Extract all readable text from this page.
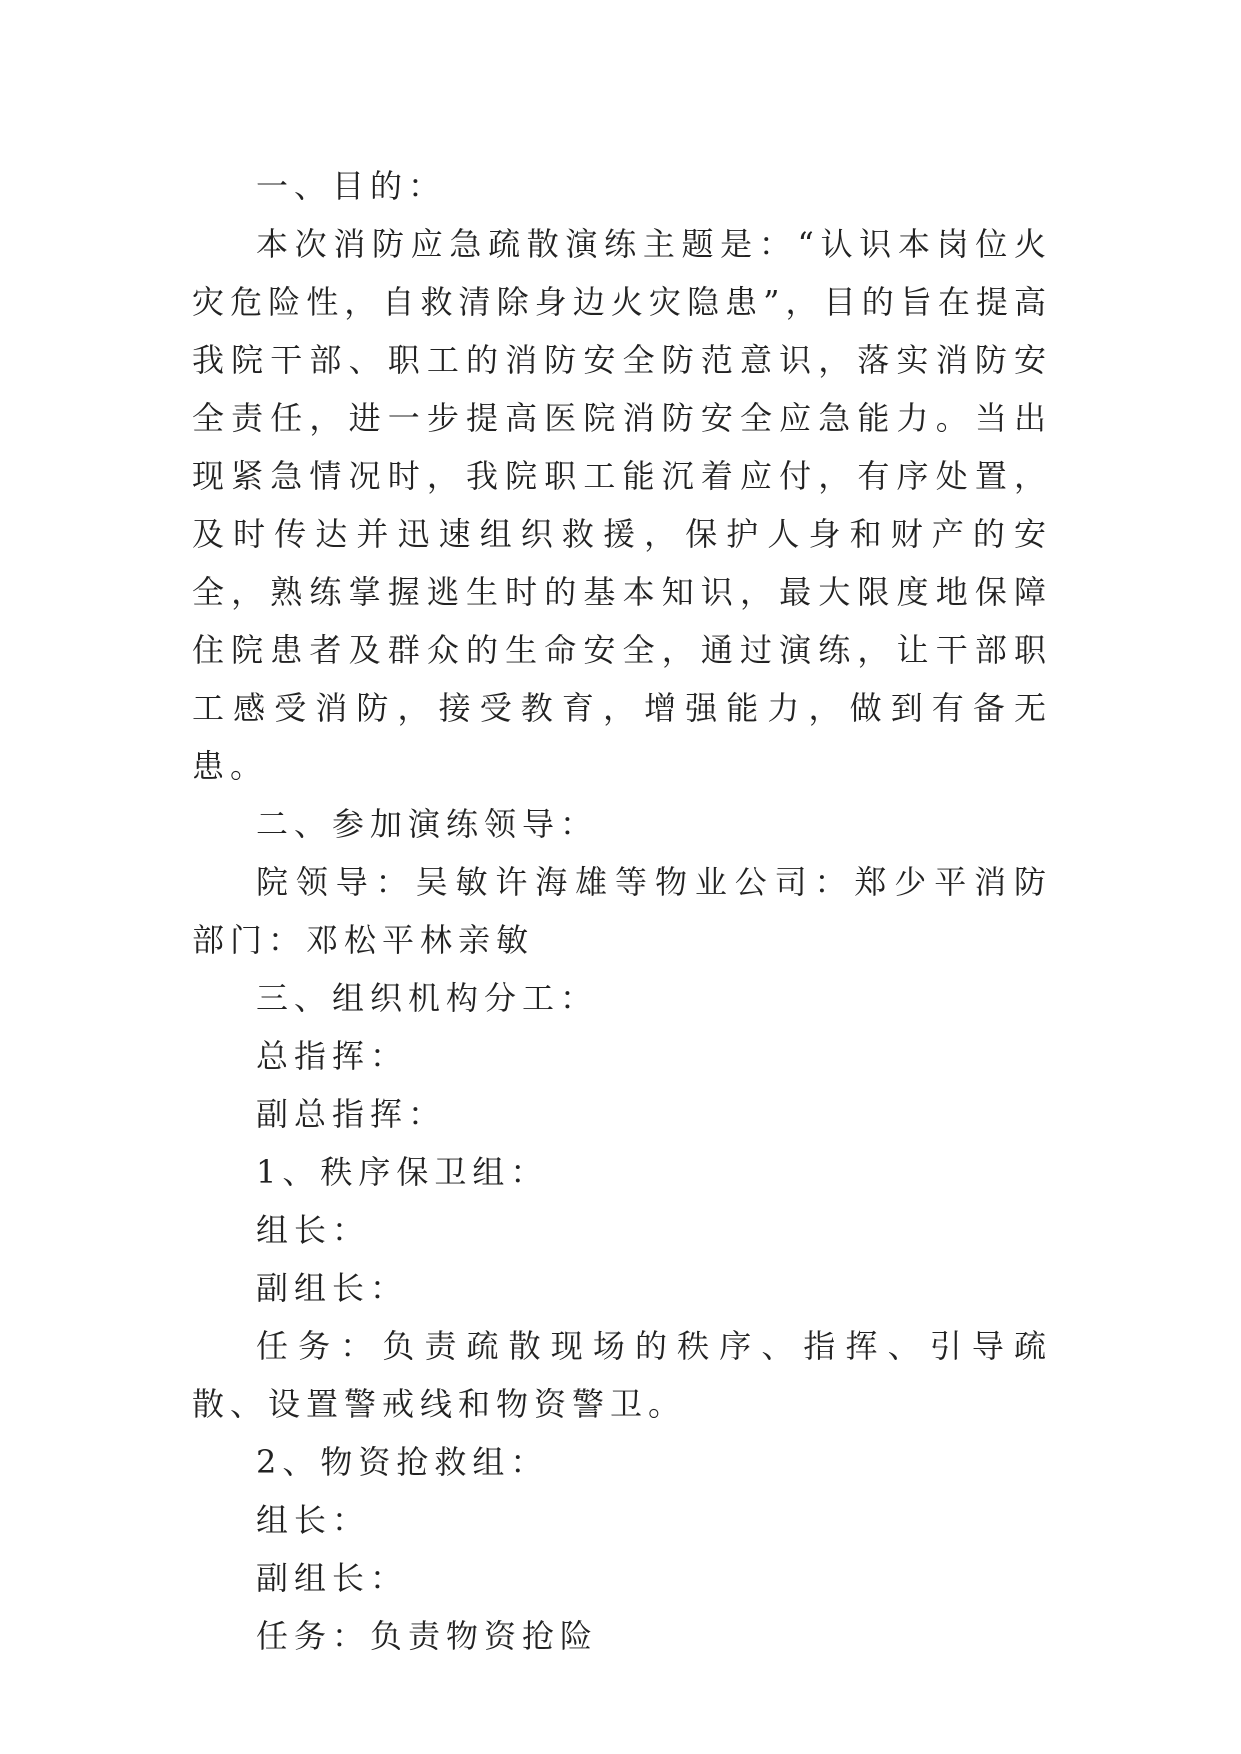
一、目的：

本次消防应急疏散演练主题是：“认识本岗位火灾危险性，自救清除身边火灾隐患”，目的旨在提高我院干部、职工的消防安全防范意识，落实消防安全责任，进一步提高医院消防安全应急能力。当出现紧急情况时，我院职工能沉着应付，有序处置，及时传达并迅速组织救援，保护人身和财产的安全，熟练掌握逃生时的基本知识，最大限度地保障住院患者及群众的生命安全，通过演练，让干部职工感受消防，接受教育，增强能力，做到有备无患。

二、参加演练领导：

院领导：吴敏许海雄等物业公司：郑少平消防部门：邓松平林亲敏

三、组织机构分工：

总指挥：

副总指挥：

1、秩序保卫组：

组长：

副组长：

任务：负责疏散现场的秩序、指挥、引导疏散、设置警戒线和物资警卫。

2、物资抢救组：

组长：

副组长：

任务：负责物资抢险
